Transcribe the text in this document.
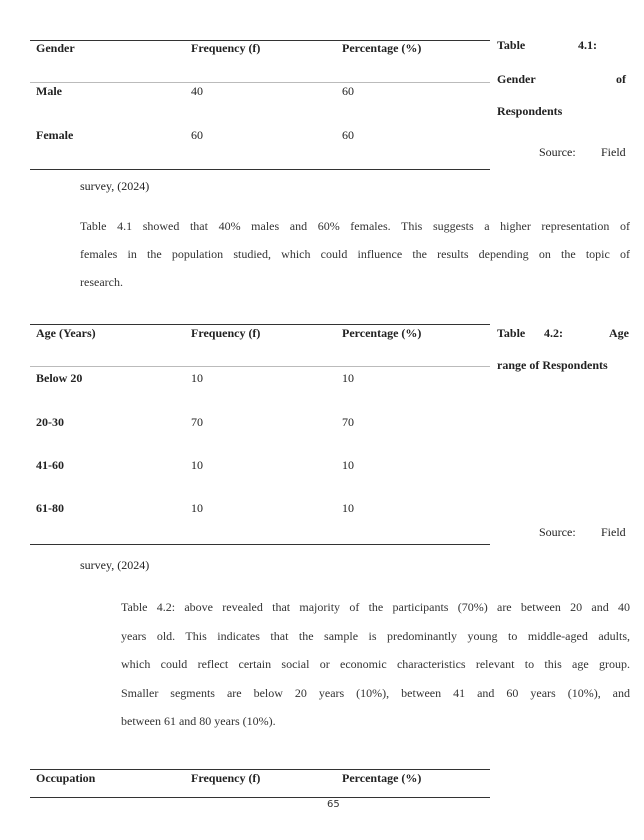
Gender	Frequency (f)	Percentage (%)
Male	40	60
Female	60	60
Table	4.1:
Gender	of
Respondents
Source: Field
survey, (2024)
Table 4.1 showed that 40% males and 60% females. This suggests a higher representation of
females in the population studied, which could influence the results depending on the topic of
research.
Age (Years)	Frequency (f)	Percentage (%)
Below 20	10	10
20-30	70	70
41-60	10	10
61-80	10	10
Table 4.2:	Age
range of Respondents
Source: Field
survey, (2024)
Table 4.2: above revealed that majority of the participants (70%) are between 20 and 40
years old. This indicates that the sample is predominantly young to middle-aged adults,
which could reflect certain social or economic characteristics relevant to this age group.
Smaller segments are below 20 years (10%), between 41 and 60 years (10%), and
between 61 and 80 years (10%).
Occupation	Frequency (f)	Percentage (%)
65
